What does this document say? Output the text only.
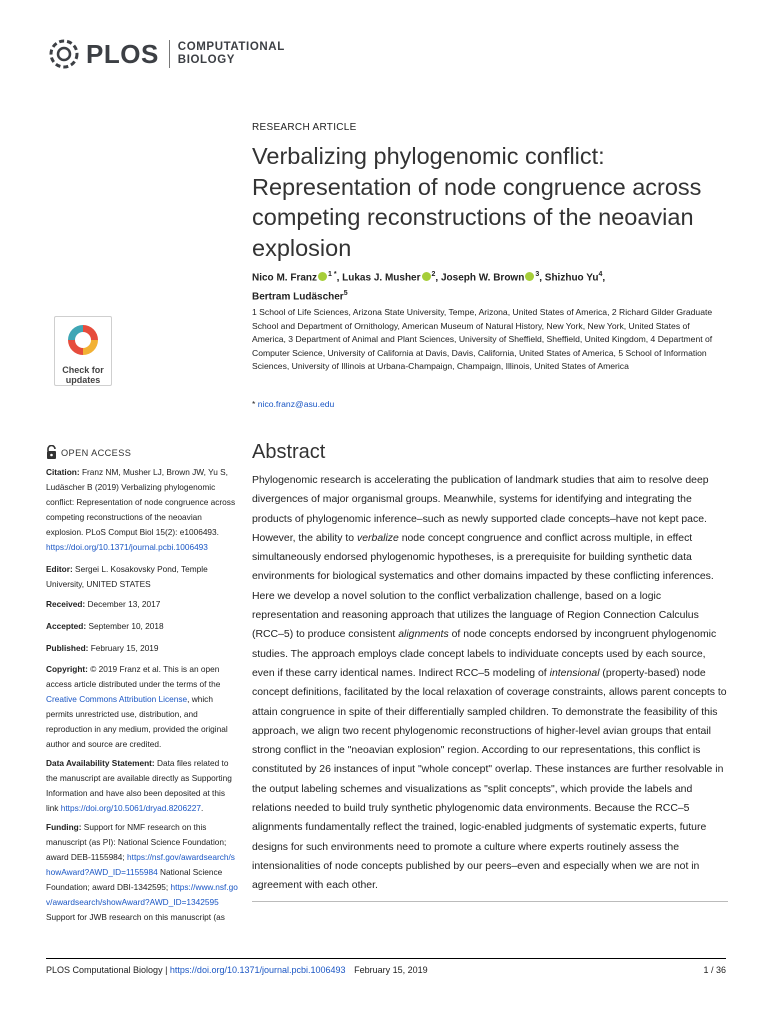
PLOS COMPUTATIONAL
BIOLOGY
RESEARCH ARTICLE
Verbalizing phylogenomic conflict: Representation of node congruence across competing reconstructions of the neoavian explosion
Nico M. Franz $^{1 *}$, Lukas J. Musher $^2$, Joseph W. Brown $^3$, Shizhuo Yu$^4$,
Bertram Ludäscher$^5$
1 School of Life Sciences, Arizona State University, Tempe, Arizona, United States of America, 2 Richard Gilder Graduate School and Department of Ornithology, American Museum of Natural History, New York, New York, United States of America, 3 Department of Animal and Plant Sciences, University of Sheffield, Sheffield, United Kingdom, 4 Department of Computer Science, University of California at Davis, Davis, California, United States of America, 5 School of Information Sciences, University of Illinois at Urbana-Champaign, Champaign, Illinois, United States of America
* nico.franz@asu.edu
Check for
updates
OPEN ACCESS
Citation: Franz NM, Musher LJ, Brown JW, Yu S, Ludäscher B (2019) Verbalizing phylogenomic conflict: Representation of node congruence across competing reconstructions of the neoavian explosion. PLoS Comput Biol 15(2): e1006493. https://doi.org/10.1371/journal.pcbi.1006493
Editor: Sergei L. Kosakovsky Pond, Temple University, UNITED STATES
Received: December 13, 2017
Accepted: September 10, 2018
Published: February 15, 2019
Copyright: © 2019 Franz et al. This is an open access article distributed under the terms of the Creative Commons Attribution License, which permits unrestricted use, distribution, and reproduction in any medium, provided the original author and source are credited.
Data Availability Statement: Data files related to the manuscript are available directly as Supporting Information and have also been deposited at this link https://doi.org/10.5061/dryad.8206227.
Funding: Support for NMF research on this manuscript (as PI): National Science Foundation; award DEB-1155984; https://nsf.gov/awardsearch/showAward?AWD_ID=1155984 National Science Foundation; award DBI-1342595; https://www.nsf.gov/awardsearch/showAward?AWD_ID=1342595 Support for JWB research on this manuscript (as
Abstract
Phylogenomic research is accelerating the publication of landmark studies that aim to resolve deep divergences of major organismal groups. Meanwhile, systems for identifying and integrating the products of phylogenomic inference–such as newly supported clade concepts–have not kept pace. However, the ability to verbalize node concept congruence and conflict across multiple, in effect simultaneously endorsed phylogenomic hypotheses, is a prerequisite for building synthetic data environments for biological systematics and other domains impacted by these conflicting inferences. Here we develop a novel solution to the conflict verbalization challenge, based on a logic representation and reasoning approach that utilizes the language of Region Connection Calculus (RCC–5) to produce consistent alignments of node concepts endorsed by incongruent phylogenomic studies. The approach employs clade concept labels to individuate concepts used by each source, even if these carry identical names. Indirect RCC–5 modeling of intensional (property-based) node concept definitions, facilitated by the local relaxation of coverage constraints, allows parent concepts to attain congruence in spite of their differentially sampled children. To demonstrate the feasibility of this approach, we align two recent phylogenomic reconstructions of higher-level avian groups that entail strong conflict in the "neoavian explosion" region. According to our representations, this conflict is constituted by 26 instances of input "whole concept" overlap. These instances are further resolvable in the output labeling schemes and visualizations as "split concepts", which provide the labels and relations needed to build truly synthetic phylogenomic data environments. Because the RCC–5 alignments fundamentally reflect the trained, logic-enabled judgments of systematic experts, future designs for such environments need to promote a culture where experts routinely assess the intensionalities of node concepts published by our peers–even and especially when we are not in agreement with each other.
PLOS Computational Biology | https://doi.org/10.1371/journal.pcbi.1006493 February 15, 2019	1 / 36
